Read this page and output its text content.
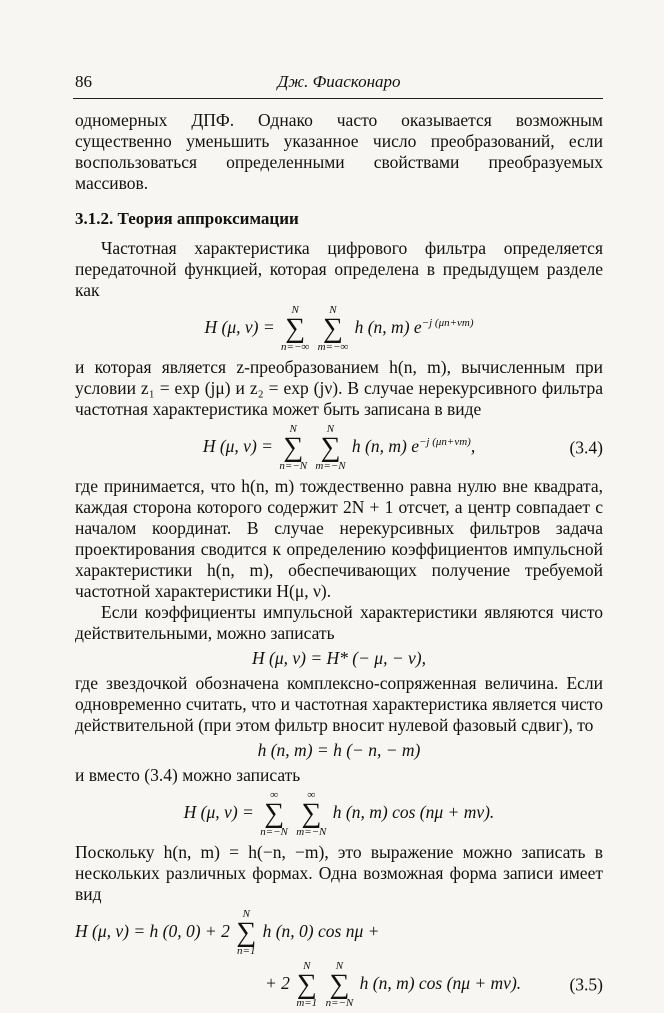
86	Дж. Фиасконаро

одномерных ДПФ. Однако часто оказывается возможным существенно уменьшить указанное число преобразований, если воспользоваться определенными свойствами преобразуемых массивов.

3.1.2. Теория аппроксимации

Частотная характеристика цифрового фильтра определяется передаточной функцией, которая определена в предыдущем разделе как

H (μ, ν) =
N
∑
n=−∞

N
∑
m=−∞
h (n, m) $e^{-j (\mu n+\nu m)}$

и которая является z-преобразованием h(n, m), вычисленным при условии z₁ = exp (jμ) и z₂ = exp (jν). В случае нерекурсивного фильтра частотная характеристика может быть записана в виде

H (μ, ν) =
N
∑
n=−N

N
∑
m=−N
h (n, m) $e^{-j (\mu n+\nu m)}$,	(3.4)

где принимается, что h(n, m) тождественно равна нулю вне квадрата, каждая сторона которого содержит 2N + 1 отсчет, а центр совпадает с началом координат. В случае нерекурсивных фильтров задача проектирования сводится к определению коэффициентов импульсной характеристики h(n, m), обеспечивающих получение требуемой частотной характеристики H(μ, ν).

Если коэффициенты импульсной характеристики являются чисто действительными, можно записать

H (μ, ν) = H* (− μ, − ν),

где звездочкой обозначена комплексно-сопряженная величина. Если одновременно считать, что и частотная характеристика является чисто действительной (при этом фильтр вносит нулевой фазовый сдвиг), то

h (n, m) = h (− n, − m)

и вместо (3.4) можно записать

H (μ, ν) =
∞
∑
n=−N

∞
∑
m=−N
h (n, m) cos (nμ + mν).

Поскольку h(n, m) = h(−n, −m), это выражение можно записать в нескольких различных формах. Одна возможная форма записи имеет вид

H (μ, ν) = h (0, 0) + 2
N
∑
n=1
h (n, 0) cos nμ +
+ 2
N
∑
m=1

N
∑
n=−N
h (n, m) cos (nμ + mν).	(3.5)
